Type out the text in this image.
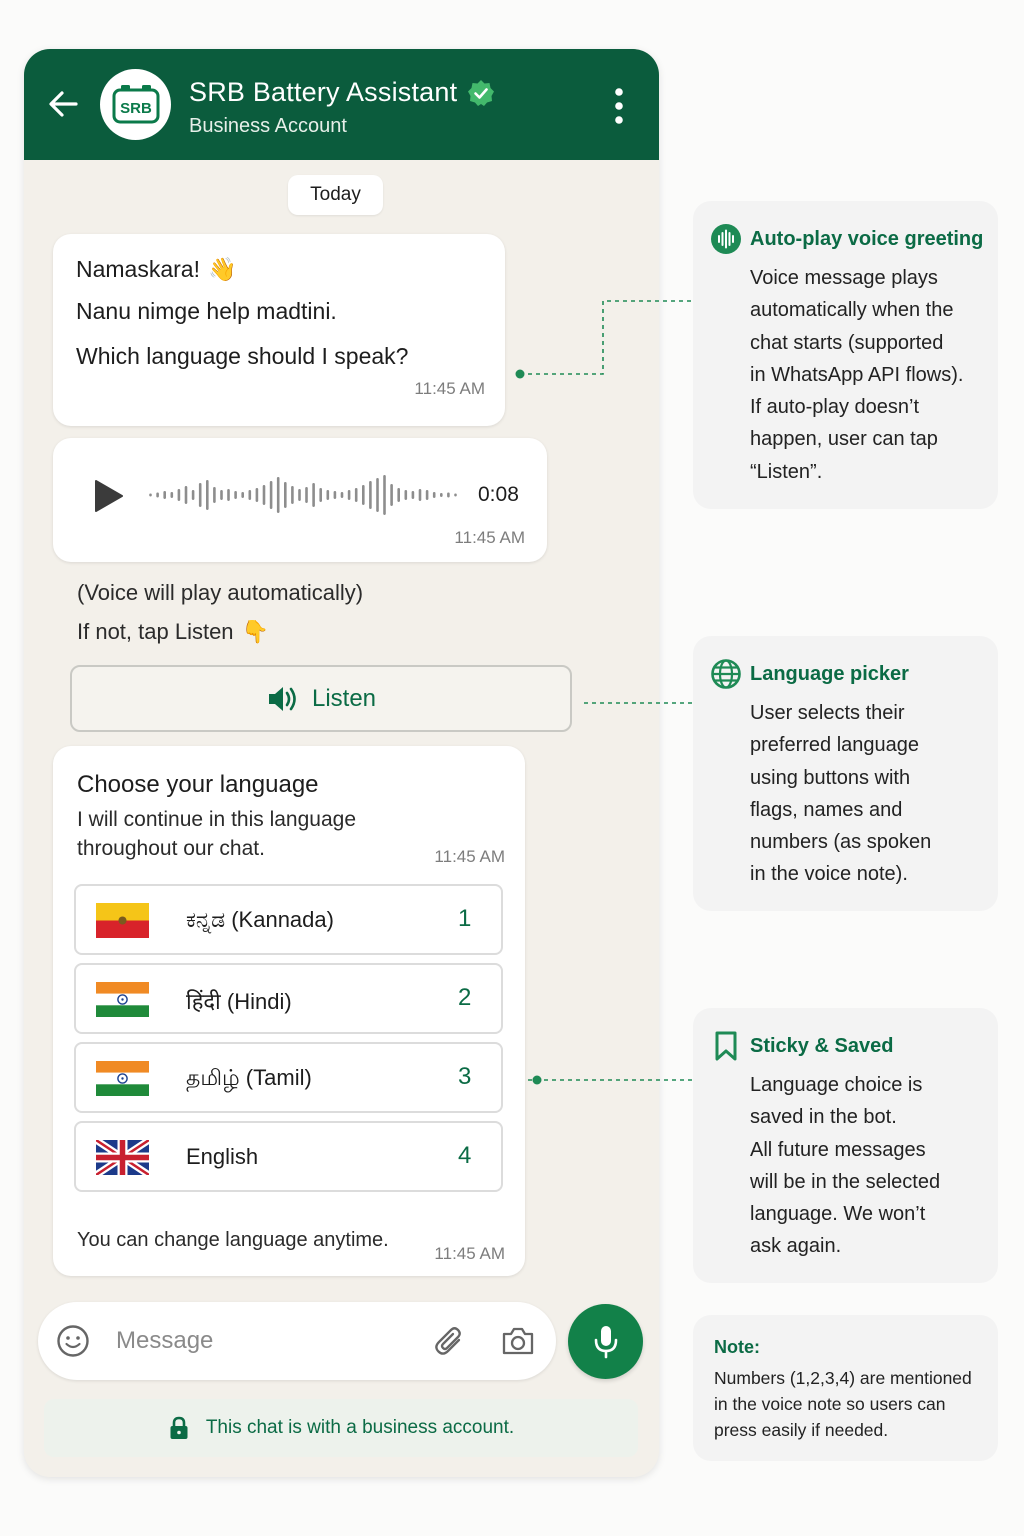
SRB
SRB Battery Assistant
Business Account
Today
Namaskara! 👋
Nanu nimge help madtini.
Which language should I speak?
11:45 AM
0:08
11:45 AM
(Voice will play automatically)
If not, tap Listen 👇
Listen
Choose your language
I will continue in this language
throughout our chat.	11:45 AM
ಕನ್ನಡ (Kannada)	1
हिंदी (Hindi)	2
தமிழ் (Tamil)	3
English	4
You can change language anytime.
11:45 AM
Message
This chat is with a business account.
Auto-play voice greeting
Voice message plays
automatically when the
chat starts (supported
in WhatsApp API flows).
If auto-play doesn’t
happen, user can tap
“Listen”.
Language picker
User selects their
preferred language
using buttons with
flags, names and
numbers (as spoken
in the voice note).
Sticky & Saved
Language choice is
saved in the bot.
All future messages
will be in the selected
language. We won’t
ask again.
Note:
Numbers (1,2,3,4) are mentioned
in the voice note so users can
press easily if needed.
